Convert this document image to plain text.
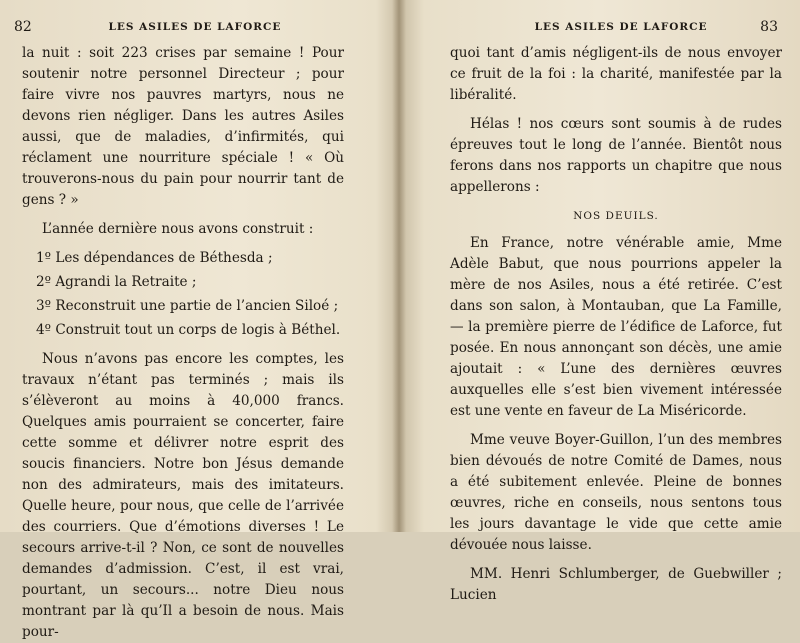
82	LES ASILES DE LAFORCE

la nuit : soit 223 crises par semaine ! Pour soutenir notre personnel Directeur ; pour faire vivre nos pauvres martyrs, nous ne devons rien négliger. Dans les autres Asiles aussi, que de maladies, d’infirmités, qui réclament une nourriture spéciale ! « Où trouverons-nous du pain pour nourrir tant de gens ? »

L’année dernière nous avons construit :

1º Les dépendances de Béthesda ;

2º Agrandi la Retraite ;

3º Reconstruit une partie de l’ancien Siloé ;

4º Construit tout un corps de logis à Béthel.

Nous n’avons pas encore les comptes, les travaux n’étant pas terminés ; mais ils s’élèveront au moins à 40,000 francs. Quelques amis pourraient se concerter, faire cette somme et délivrer notre esprit des soucis financiers. Notre bon Jésus demande non des admirateurs, mais des imitateurs. Quelle heure, pour nous, que celle de l’arrivée des courriers. Que d’émotions diverses ! Le secours arrive-t-il ? Non, ce sont de nouvelles demandes d’admission. C’est, il est vrai, pourtant, un secours... notre Dieu nous montrant par là qu’Il a besoin de nous. Mais pour-

LES ASILES DE LAFORCE	83

quoi tant d’amis négligent-ils de nous envoyer ce fruit de la foi : la charité, manifestée par la libéralité.

Hélas ! nos cœurs sont soumis à de rudes épreuves tout le long de l’année. Bientôt nous ferons dans nos rapports un chapitre que nous appellerons :

NOS DEUILS.

En France, notre vénérable amie, Mme Adèle Babut, que nous pourrions appeler la mère de nos Asiles, nous a été retirée. C’est dans son salon, à Montauban, que La Famille, — la première pierre de l’édifice de Laforce, fut posée. En nous annonçant son décès, une amie ajoutait : « L’une des dernières œuvres auxquelles elle s’est bien vivement intéressée est une vente en faveur de La Miséricorde.

Mme veuve Boyer-Guillon, l’un des membres bien dévoués de notre Comité de Dames, nous a été subitement enlevée. Pleine de bonnes œuvres, riche en conseils, nous sentons tous les jours davantage le vide que cette amie dévouée nous laisse.

MM. Henri Schlumberger, de Guebwiller ; Lucien
